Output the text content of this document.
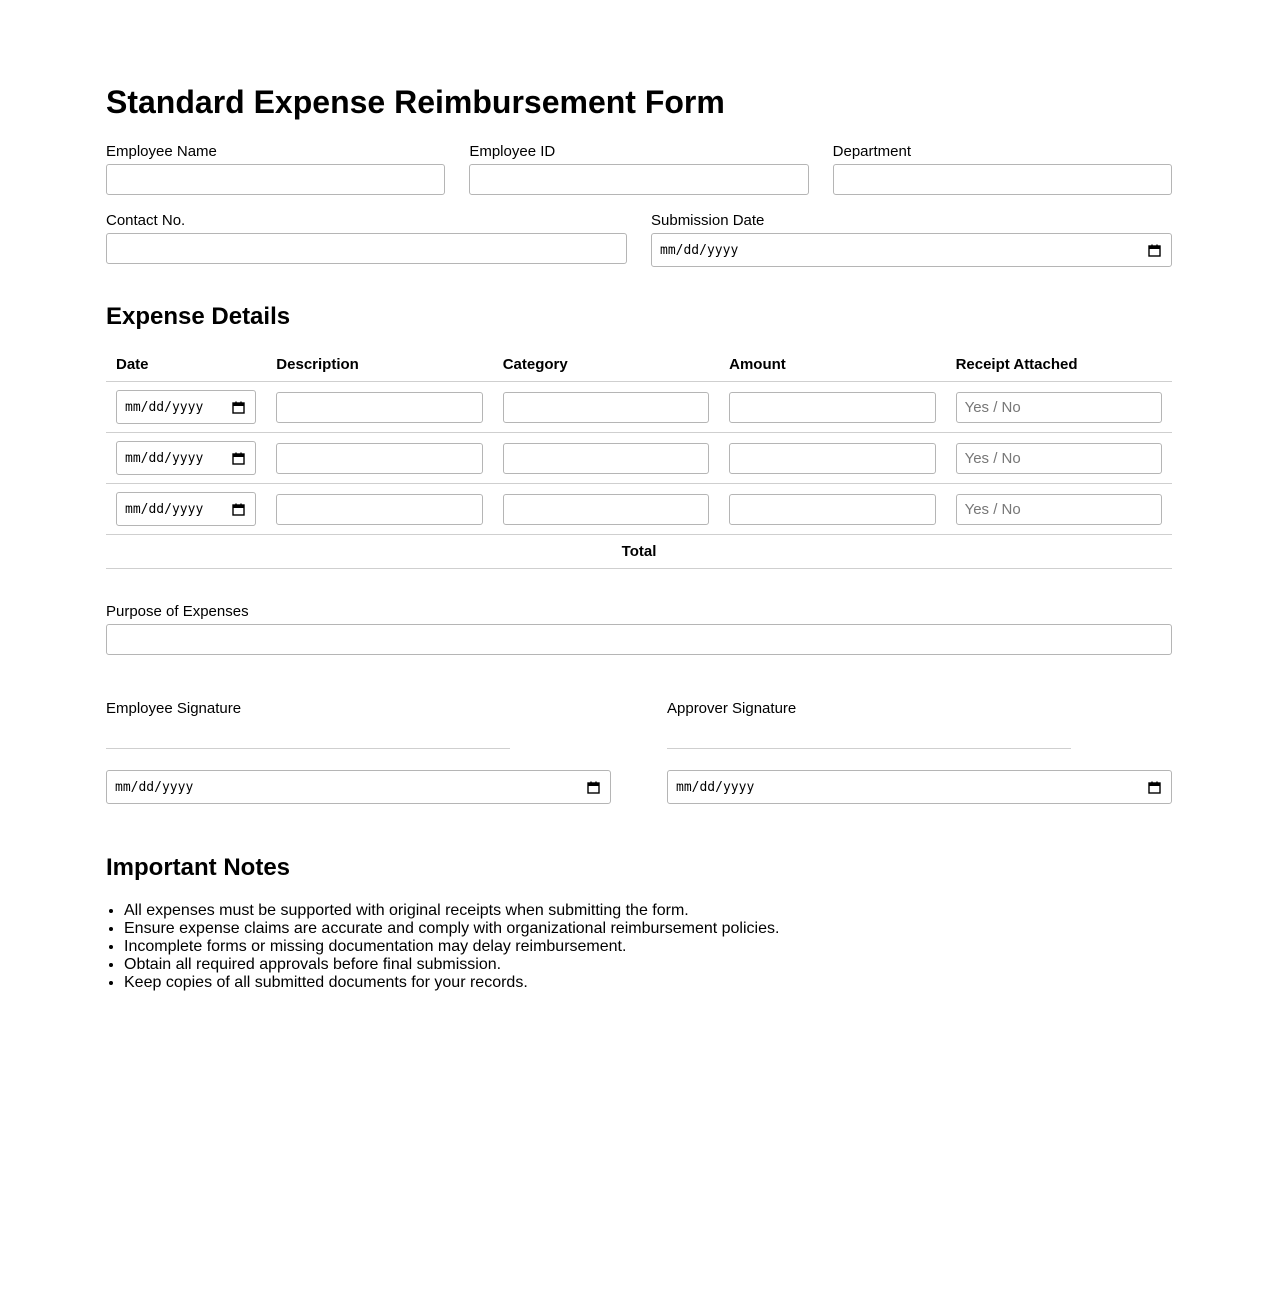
Standard Expense Reimbursement Form
Employee Name	Employee ID	Department
Contact No.	Submission Date
mm/dd/yyyy
Expense Details
Date	Description	Category	Amount	Receipt Attached

mm/dd/yyyy				Yes / No

mm/dd/yyyy				Yes / No

mm/dd/yyyy				Yes / No

Total				
Purpose of Expenses
Employee Signature
mm/dd/yyyy
Approver Signature
mm/dd/yyyy
Important Notes
• All expenses must be supported with original receipts when submitting the form.
• Ensure expense claims are accurate and comply with organizational reimbursement policies.
• Incomplete forms or missing documentation may delay reimbursement.
• Obtain all required approvals before final submission.
• Keep copies of all submitted documents for your records.
